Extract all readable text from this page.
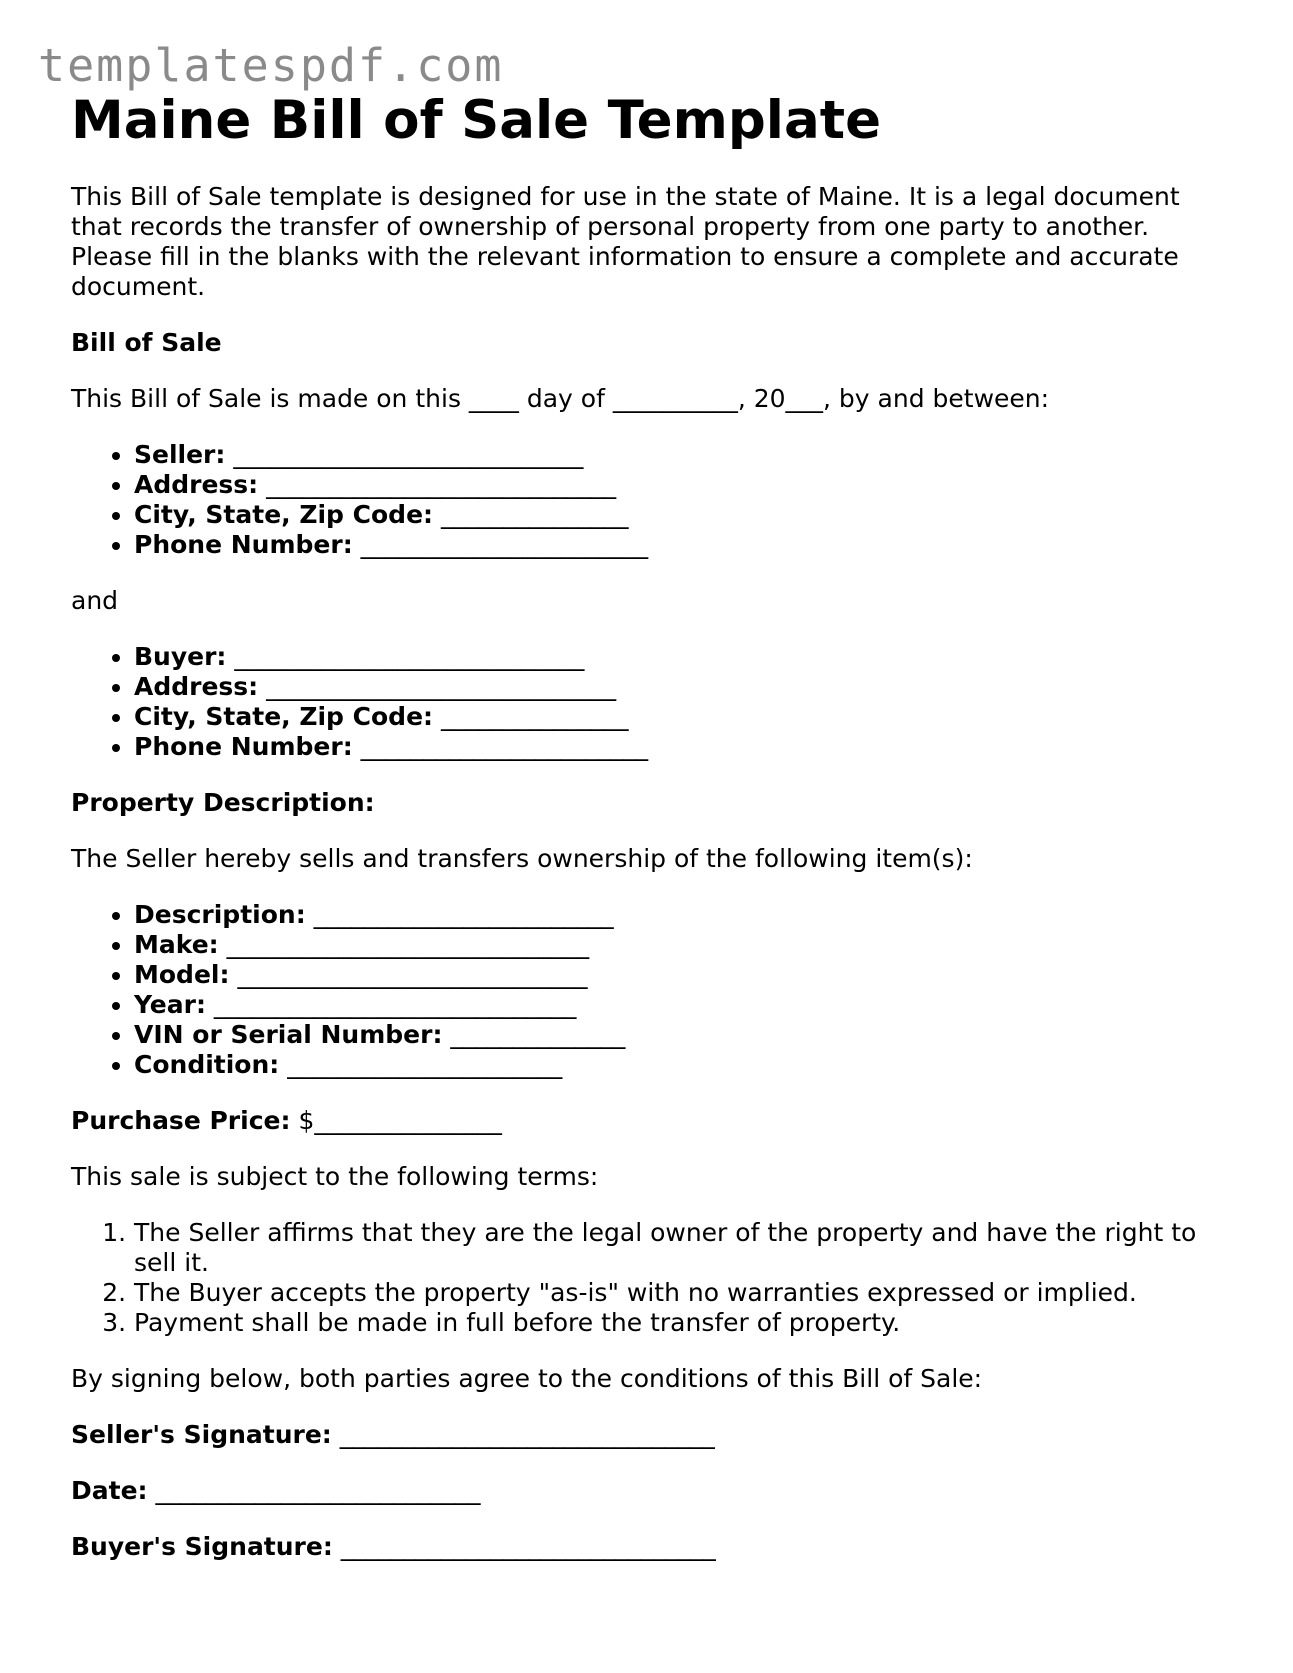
templatespdf.com
Maine Bill of Sale Template

This Bill of Sale template is designed for use in the state of Maine. It is a legal document that records the transfer of ownership of personal property from one party to another. Please fill in the blanks with the relevant information to ensure a complete and accurate document.

Bill of Sale

This Bill of Sale is made on this ____ day of __________, 20___, by and between:

• Seller: ____________________________
• Address: ____________________________
• City, State, Zip Code: _______________
• Phone Number: _______________________

and

• Buyer: ____________________________
• Address: ____________________________
• City, State, Zip Code: _______________
• Phone Number: _______________________

Property Description:

The Seller hereby sells and transfers ownership of the following item(s):

• Description: ________________________
• Make: _____________________________
• Model: ____________________________
• Year: _____________________________
• VIN or Serial Number: ______________
• Condition: ______________________

Purchase Price: $_______________

This sale is subject to the following terms:

1. The Seller affirms that they are the legal owner of the property and have the right to sell it.
2. The Buyer accepts the property "as-is" with no warranties expressed or implied.
3. Payment shall be made in full before the transfer of property.

By signing below, both parties agree to the conditions of this Bill of Sale:

Seller's Signature: ______________________________

Date: __________________________

Buyer's Signature: ______________________________
